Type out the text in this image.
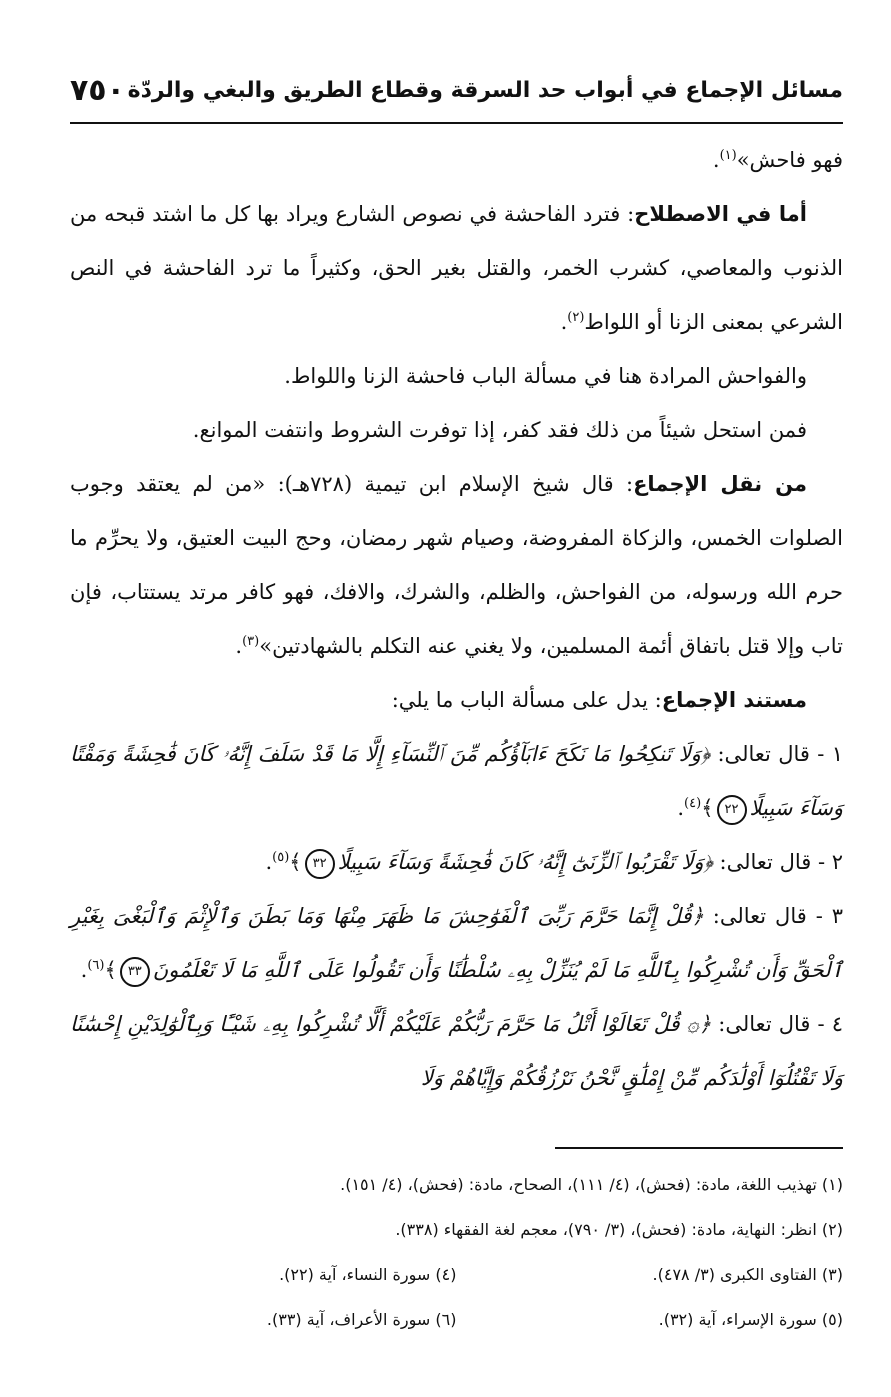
مسائل الإجماع في أبواب حد السرقة وقطاع الطريق والبغي والردّة
٧٥٠

فهو فاحش»$^{(١)}$.

أما في الاصطلاح: فترد الفاحشة في نصوص الشارع ويراد بها كل ما اشتد قبحه من الذنوب والمعاصي، كشرب الخمر، والقتل بغير الحق، وكثيراً ما ترد الفاحشة في النص الشرعي بمعنى الزنا أو اللواط$^{(٢)}$.

والفواحش المرادة هنا في مسألة الباب فاحشة الزنا واللواط.

فمن استحل شيئاً من ذلك فقد كفر، إذا توفرت الشروط وانتفت الموانع.

من نقل الإجماع: قال شيخ الإسلام ابن تيمية (٧٢٨هـ): «من لم يعتقد وجوب الصلوات الخمس، والزكاة المفروضة، وصيام شهر رمضان، وحج البيت العتيق، ولا يحرِّم ما حرم الله ورسوله، من الفواحش، والظلم، والشرك، والافك، فهو كافر مرتد يستتاب، فإن تاب وإلا قتل باتفاق أئمة المسلمين، ولا يغني عنه التكلم بالشهادتين»$^{(٣)}$.

مستند الإجماع: يدل على مسألة الباب ما يلي:

١ - قال تعالى: ﴿وَلَا تَنكِحُوا مَا نَكَحَ ءَابَآؤُكُم مِّنَ ٱلنِّسَآءِ إِلَّا مَا قَدْ سَلَفَ إِنَّهُۥ كَانَ فَٰحِشَةً وَمَقْتًا وَسَآءَ سَبِيلًا٢٢﴾$^{(٤)}$.

٢ - قال تعالى: ﴿وَلَا تَقْرَبُوا ٱلزِّنَىٰٓ إِنَّهُۥ كَانَ فَٰحِشَةً وَسَآءَ سَبِيلًا٣٢﴾$^{(٥)}$.

٣ - قال تعالى: ﴿قُلْ إِنَّمَا حَرَّمَ رَبِّىَ ٱلْفَوَٰحِشَ مَا ظَهَرَ مِنْهَا وَمَا بَطَنَ وَٱلْإِثْمَ وَٱلْبَغْىَ بِغَيْرِ ٱلْحَقِّ وَأَن تُشْرِكُوا بِٱللَّهِ مَا لَمْ يُنَزِّلْ بِهِۦ سُلْطَٰنًا وَأَن تَقُولُوا عَلَى ٱللَّهِ مَا لَا تَعْلَمُونَ٣٣﴾$^{(٦)}$.

٤ - قال تعالى: ﴿۞ قُلْ تَعَالَوْا أَتْلُ مَا حَرَّمَ رَبُّكُمْ عَلَيْكُمْ أَلَّا تُشْرِكُوا بِهِۦ شَيْـًٔا وَبِٱلْوَٰلِدَيْنِ إِحْسَٰنًا وَلَا تَقْتُلُوٓا أَوْلَٰدَكُم مِّنْ إِمْلَٰقٍ نَّحْنُ نَرْزُقُكُمْ وَإِيَّاهُمْ وَلَا

(١) تهذيب اللغة، مادة: (فحش)، (٤/ ١١١)، الصحاح، مادة: (فحش)، (٤/ ١٥١).
(٢) انظر: النهاية، مادة: (فحش)، (٣/ ٧٩٠)، معجم لغة الفقهاء (٣٣٨).
(٣) الفتاوى الكبرى (٣/ ٤٧٨).
(٤) سورة النساء، آية (٢٢).
(٥) سورة الإسراء، آية (٣٢).
(٦) سورة الأعراف، آية (٣٣).
